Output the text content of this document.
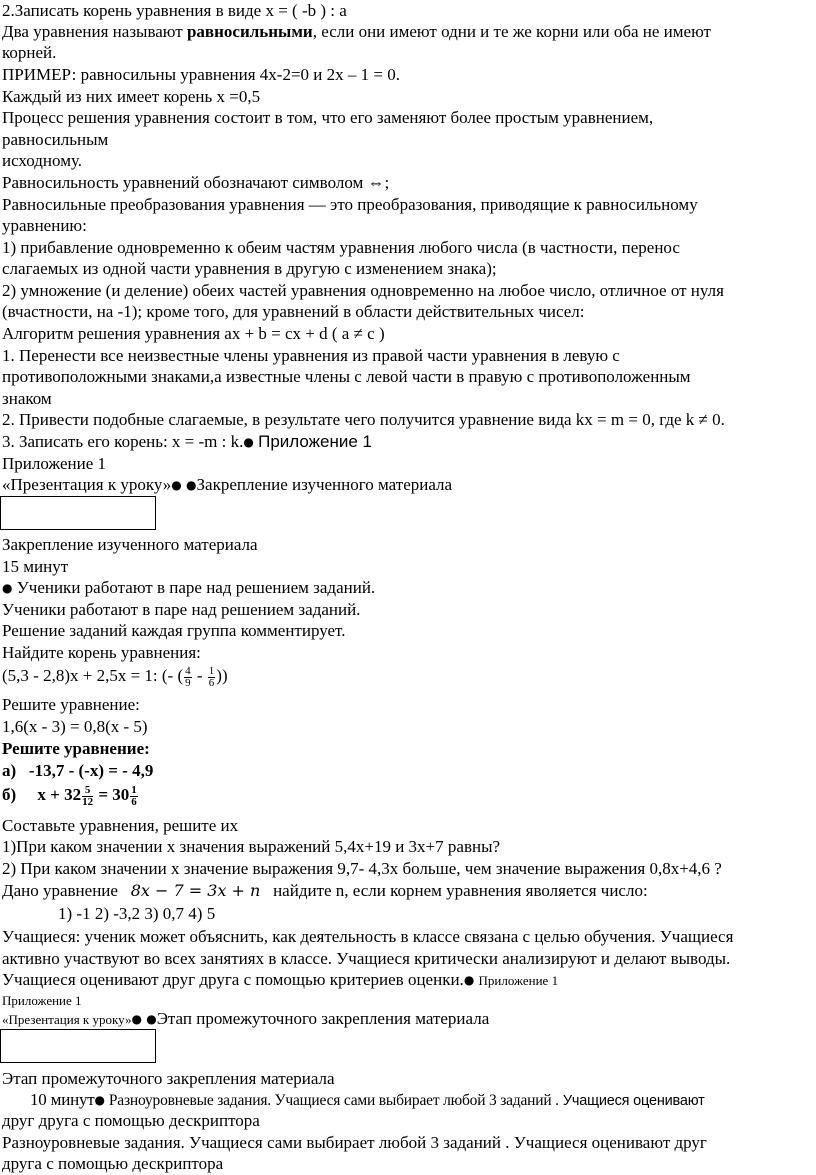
2.Записать корень уравнения в виде x = ( -b ) : a
Два уравнения называют равносильными, если они имеют одни и те же корни или оба не имеют
корней.
ПРИМЕР: равносильны уравнения 4x-2=0 и 2x – 1 = 0.
Каждый из них имеет корень x =0,5
Процесс решения уравнения состоит в том, что его заменяют более простым уравнением,
равносильным
исходному.
Равносильность уравнений обозначают символом ⇔;
Равносильные преобразования уравнения — это преобразования, приводящие к равносильному
уравнению:
1) прибавление одновременно к обеим частям уравнения любого числа (в частности, перенос
слагаемых из одной части уравнения в другую с изменением знака);
2) умножение (и деление) обеих частей уравнения одновременно на любое число, отличное от нуля
(вчастности, на -1); кроме того, для уравнений в области действительных чисел:
Алгоритм решения уравнения ax + b = cx + d ( a ≠ c )
1. Перенести все неизвестные члены уравнения из правой части уравнения в левую с
противоположными знаками,а известные члены с левой части в правую с противоположенным
знаком
2. Привести подобные слагаемые, в результате чего получится уравнение вида kx = m = 0, где k ≠ 0.
3. Записать его корень: x = -m : k.● Приложение 1
Приложение 1
«Презентация к уроку»● ●Закрепление изученного материала
Закрепление изученного материала
15 минут
● Ученики работают в паре над решением заданий.
Ученики работают в паре над решением заданий.
Решение заданий каждая группа комментирует.
Найдите корень уравнения:
(5,3 - 2,8)x + 2,5x = 1: (- ( $\frac{4}{9} - \frac{1}{6}$ ))
Решите уравнение:
1,6(x - 3) = 0,8(x - 5)
Решите уравнение:
а) -13,7 - (-x) = - 4,9
б) $x + 32 \frac{5}{12} = 30 \frac{1}{6}$
Составьте уравнения, решите их
1)При каком значении x значения выражений 5,4x+19 и 3x+7 равны?
2) При каком значении x значение выражения 9,7- 4,3x больше, чем значение выражения 0,8x+4,6 ?
Дано уравнение 8x − 7 = 3x + n найдите n, если корнем уравнения яволяется число:
1) -1 2) -3,2 3) 0,7 4) 5
Учащиеся: ученик может объяснить, как деятельность в классе связана с целью обучения. Учащиеся
активно участвуют во всех занятиях в классе. Учащиеся критически анализируют и делают выводы.
Учащиеся оценивают друг друга с помощью критериев оценки.● Приложение 1
Приложение 1
«Презентация к уроку»● ●Этап промежуточного закрепления материала
Этап промежуточного закрепления материала
10 минут● Разноуровневые задания. Учащиеся сами выбирает любой 3 заданий . Учащиеся оценивают
друг друга с помощью дескриптора
Разноуровневые задания. Учащиеся сами выбирает любой 3 заданий . Учащиеся оценивают друг
друга с помощью дескриптора
